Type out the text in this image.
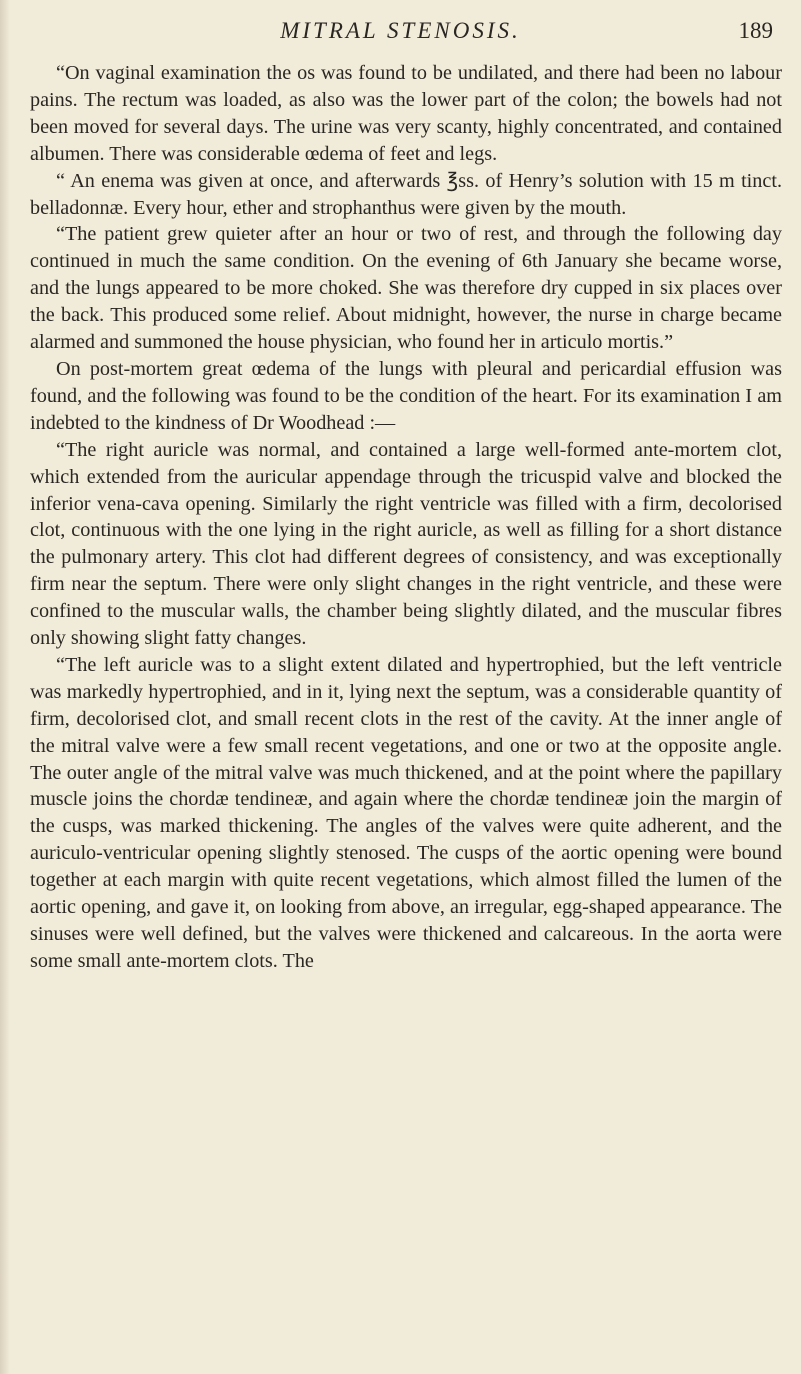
MITRAL STENOSIS.	189

“On vaginal examination the os was found to be undilated, and there had been no labour pains. The rectum was loaded, as also was the lower part of the colon; the bowels had not been moved for several days. The urine was very scanty, highly concentrated, and contained albumen. There was considerable œdema of feet and legs.

“ An enema was given at once, and afterwards ℥ss. of Henry’s solution with 15 m tinct. belladonnæ. Every hour, ether and strophanthus were given by the mouth.

“The patient grew quieter after an hour or two of rest, and through the following day continued in much the same condition. On the evening of 6th January she became worse, and the lungs appeared to be more choked. She was therefore dry cupped in six places over the back. This produced some relief. About midnight, however, the nurse in charge became alarmed and summoned the house physician, who found her in articulo mortis.”

On post-mortem great œdema of the lungs with pleural and pericardial effusion was found, and the following was found to be the condition of the heart. For its examination I am indebted to the kindness of Dr Woodhead :—

“The right auricle was normal, and contained a large well-formed ante-mortem clot, which extended from the auricular appendage through the tricuspid valve and blocked the inferior vena-cava opening. Similarly the right ventricle was filled with a firm, decolorised clot, continuous with the one lying in the right auricle, as well as filling for a short distance the pulmonary artery. This clot had different degrees of consistency, and was exceptionally firm near the septum. There were only slight changes in the right ventricle, and these were confined to the muscular walls, the chamber being slightly dilated, and the muscular fibres only showing slight fatty changes.

“The left auricle was to a slight extent dilated and hypertrophied, but the left ventricle was markedly hypertrophied, and in it, lying next the septum, was a considerable quantity of firm, decolorised clot, and small recent clots in the rest of the cavity. At the inner angle of the mitral valve were a few small recent vegetations, and one or two at the opposite angle. The outer angle of the mitral valve was much thickened, and at the point where the papillary muscle joins the chordæ tendineæ, and again where the chordæ tendineæ join the margin of the cusps, was marked thickening. The angles of the valves were quite adherent, and the auriculo-ventricular opening slightly stenosed. The cusps of the aortic opening were bound together at each margin with quite recent vegetations, which almost filled the lumen of the aortic opening, and gave it, on looking from above, an irregular, egg-shaped appearance. The sinuses were well defined, but the valves were thickened and calcareous. In the aorta were some small ante-mortem clots. The
